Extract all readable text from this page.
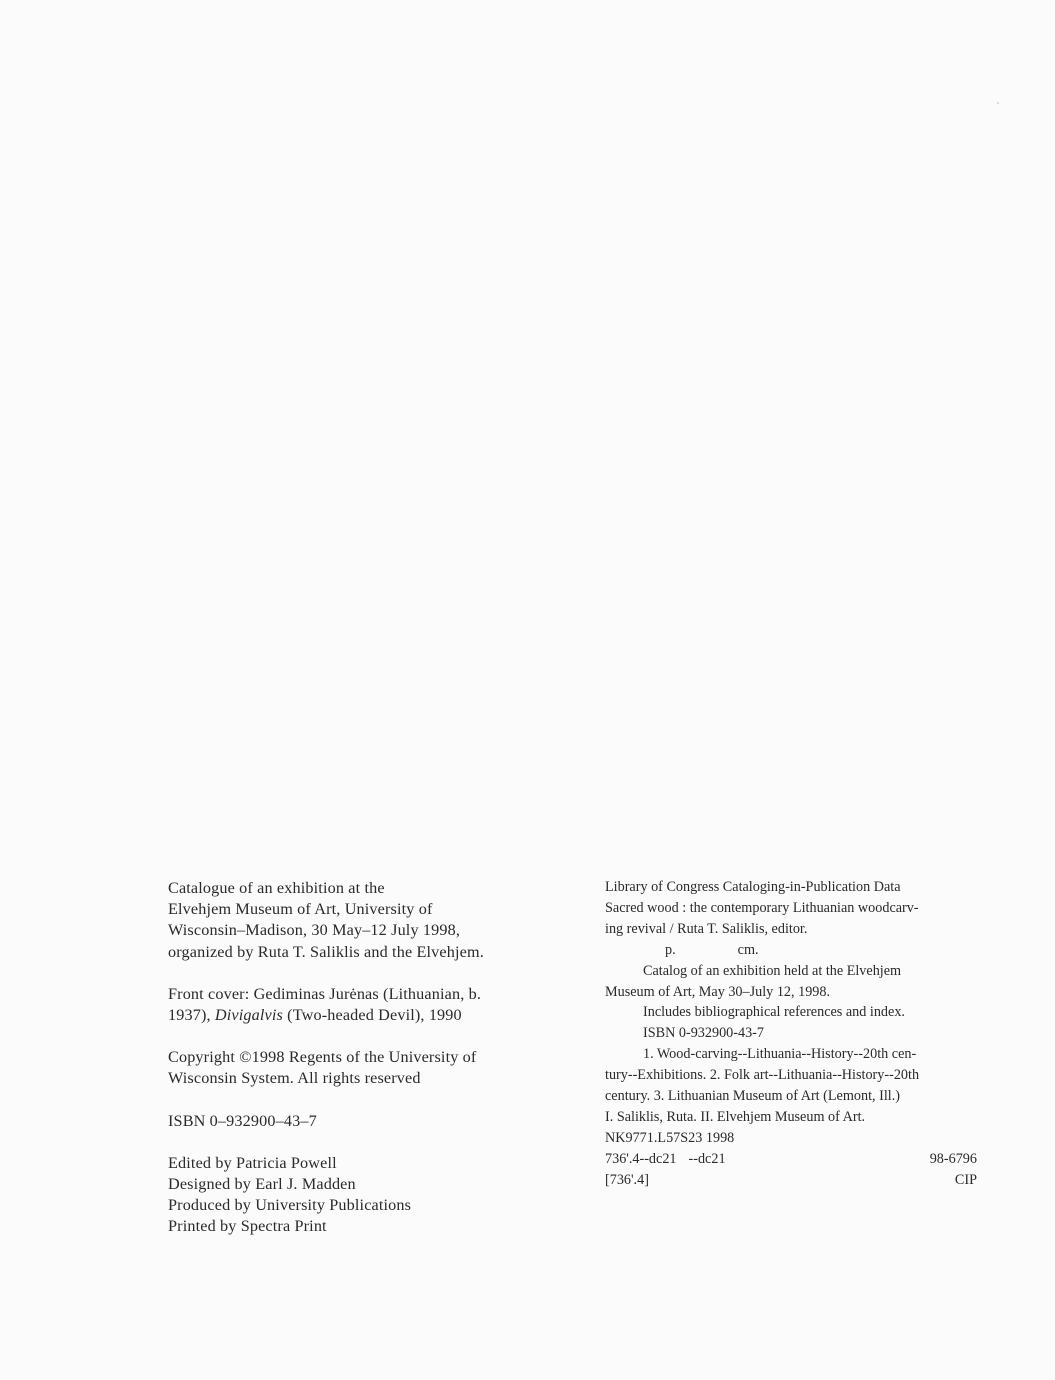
Catalogue of an exhibition at the
Elvehjem Museum of Art, University of
Wisconsin–Madison, 30 May–12 July 1998,
organized by Ruta T. Saliklis and the Elvehjem.

Front cover: Gediminas Jurėnas (Lithuanian, b.
1937), Divigalvis (Two-headed Devil), 1990

Copyright ©1998 Regents of the University of
Wisconsin System. All rights reserved

ISBN 0–932900–43–7

Edited by Patricia Powell
Designed by Earl J. Madden
Produced by University Publications
Printed by Spectra Print

Library of Congress Cataloging-in-Publication Data
Sacred wood : the contemporary Lithuanian woodcarv-
ing revival / Ruta T. Saliklis, editor.
p.	cm.
Catalog of an exhibition held at the Elvehjem
Museum of Art, May 30–July 12, 1998.
Includes bibliographical references and index.
ISBN 0-932900-43-7
1. Wood-carving--Lithuania--History--20th cen-
tury--Exhibitions. 2. Folk art--Lithuania--History--20th
century. 3. Lithuanian Museum of Art (Lemont, Ill.)
I. Saliklis, Ruta. II. Elvehjem Museum of Art.
NK9771.L57S23 1998
736'.4--dc21 --dc21	98-6796
[736'.4]	CIP
